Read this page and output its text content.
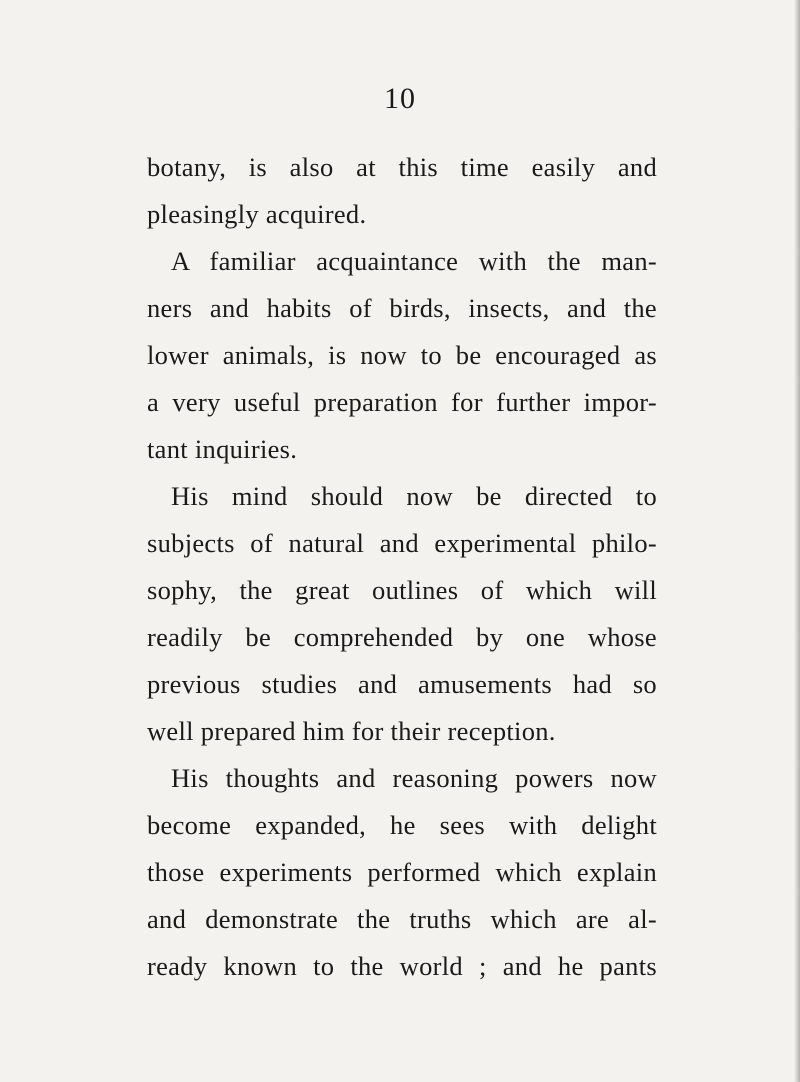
10
botany, is also at this time easily and
pleasingly acquired.
A familiar acquaintance with the man-
ners and habits of birds, insects, and the
lower animals, is now to be encouraged as
a very useful preparation for further impor-
tant inquiries.
His mind should now be directed to
subjects of natural and experimental philo-
sophy, the great outlines of which will
readily be comprehended by one whose
previous studies and amusements had so
well prepared him for their reception.
His thoughts and reasoning powers now
become expanded, he sees with delight
those experiments performed which explain
and demonstrate the truths which are al-
ready known to the world ; and he pants
